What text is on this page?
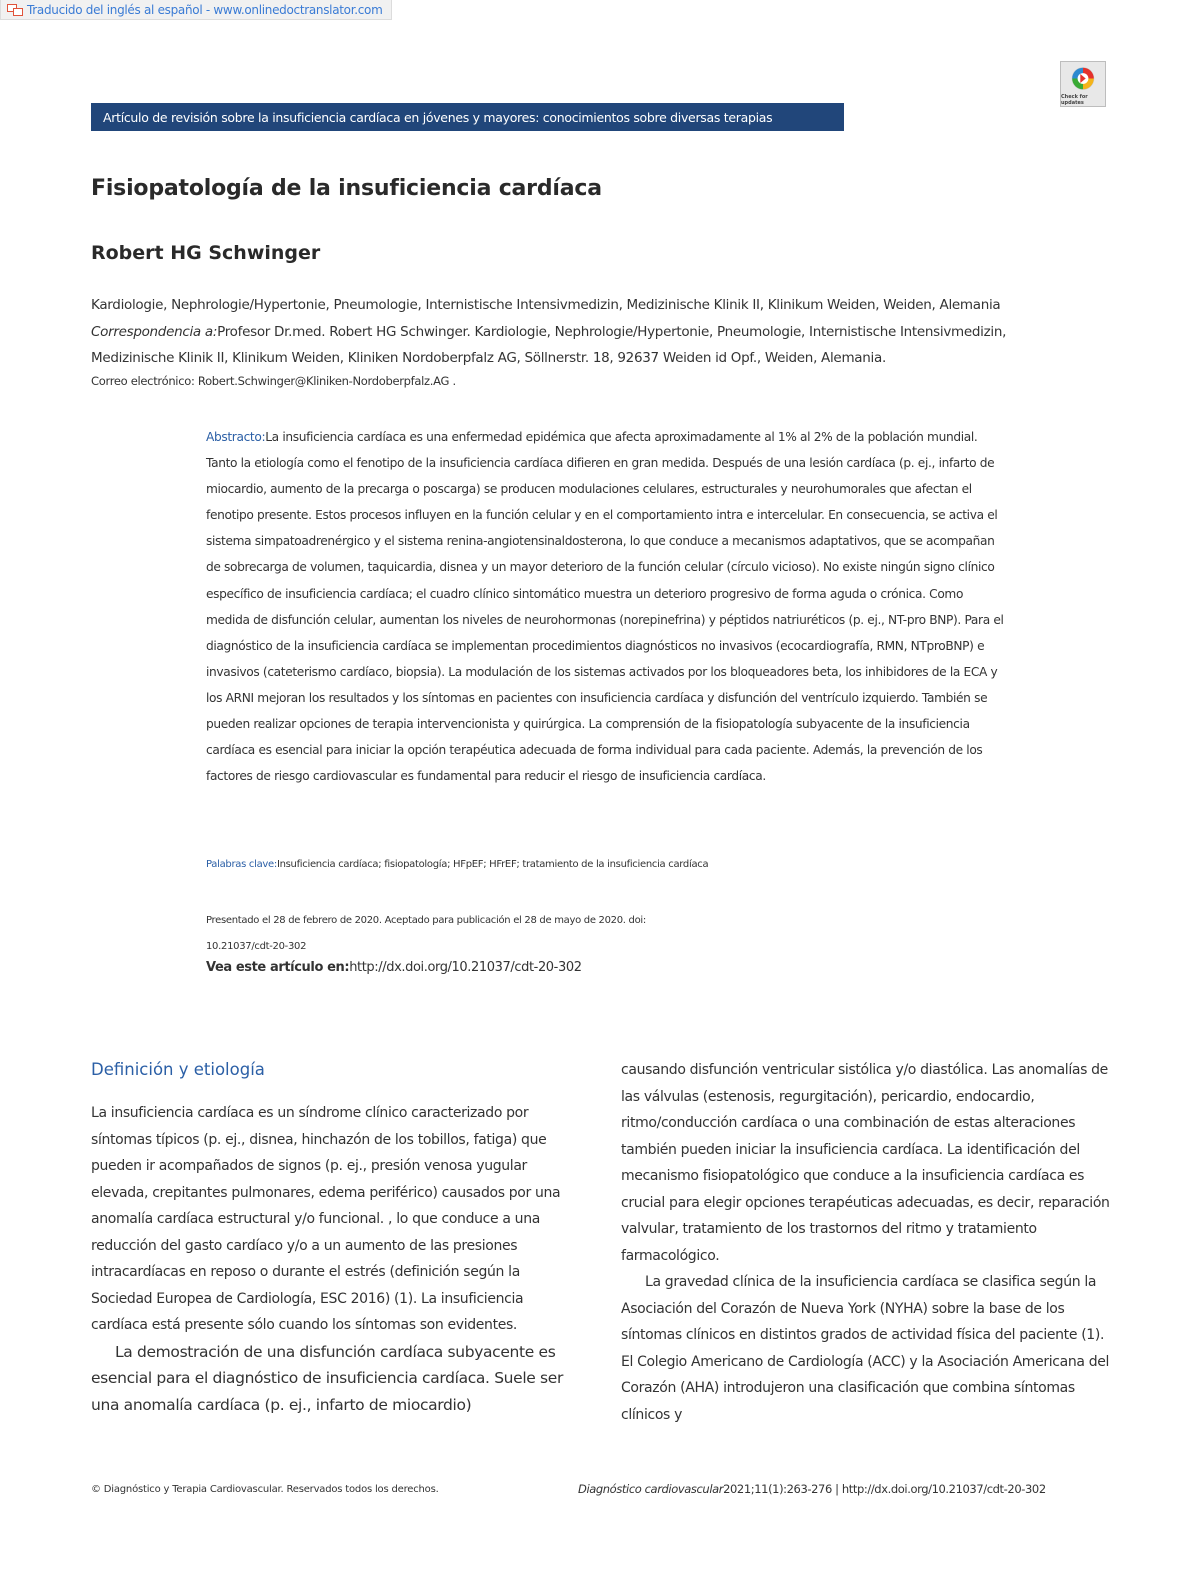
Traducido del inglés al español - www.onlinedoctranslator.com
Check for updates
Artículo de revisión sobre la insuficiencia cardíaca en jóvenes y mayores: conocimientos sobre diversas terapias
Fisiopatología de la insuficiencia cardíaca
Robert HG Schwinger
Kardiologie, Nephrologie/Hypertonie, Pneumologie, Internistische Intensivmedizin, Medizinische Klinik II, Klinikum Weiden, Weiden, Alemania
Correspondencia a:Profesor Dr.med. Robert HG Schwinger. Kardiologie, Nephrologie/Hypertonie, Pneumologie, Internistische Intensivmedizin, Medizinische Klinik II, Klinikum Weiden, Kliniken Nordoberpfalz AG, Söllnerstr. 18, 92637 Weiden id Opf., Weiden, Alemania.
Correo electrónico: Robert.Schwinger@Kliniken-Nordoberpfalz.AG .
Abstracto:La insuficiencia cardíaca es una enfermedad epidémica que afecta aproximadamente al 1% al 2% de la población mundial. Tanto la etiología como el fenotipo de la insuficiencia cardíaca difieren en gran medida. Después de una lesión cardíaca (p. ej., infarto de miocardio, aumento de la precarga o poscarga) se producen modulaciones celulares, estructurales y neurohumorales que afectan el fenotipo presente. Estos procesos influyen en la función celular y en el comportamiento intra e intercelular. En consecuencia, se activa el sistema simpatoadrenérgico y el sistema renina-angiotensinaldosterona, lo que conduce a mecanismos adaptativos, que se acompañan de sobrecarga de volumen, taquicardia, disnea y un mayor deterioro de la función celular (círculo vicioso). No existe ningún signo clínico específico de insuficiencia cardíaca; el cuadro clínico sintomático muestra un deterioro progresivo de forma aguda o crónica. Como medida de disfunción celular, aumentan los niveles de neurohormonas (norepinefrina) y péptidos natriuréticos (p. ej., NT-pro BNP). Para el diagnóstico de la insuficiencia cardíaca se implementan procedimientos diagnósticos no invasivos (ecocardiografía, RMN, NTproBNP) e invasivos (cateterismo cardíaco, biopsia). La modulación de los sistemas activados por los bloqueadores beta, los inhibidores de la ECA y los ARNI mejoran los resultados y los síntomas en pacientes con insuficiencia cardíaca y disfunción del ventrículo izquierdo. También se pueden realizar opciones de terapia intervencionista y quirúrgica. La comprensión de la fisiopatología subyacente de la insuficiencia cardíaca es esencial para iniciar la opción terapéutica adecuada de forma individual para cada paciente. Además, la prevención de los factores de riesgo cardiovascular es fundamental para reducir el riesgo de insuficiencia cardíaca.
Palabras clave:Insuficiencia cardíaca; fisiopatología; HFpEF; HFrEF; tratamiento de la insuficiencia cardíaca
Presentado el 28 de febrero de 2020. Aceptado para publicación el 28 de mayo de 2020. doi: 10.21037/cdt-20-302
Vea este artículo en:http://dx.doi.org/10.21037/cdt-20-302
Definición y etiología

La insuficiencia cardíaca es un síndrome clínico caracterizado por síntomas típicos (p. ej., disnea, hinchazón de los tobillos, fatiga) que pueden ir acompañados de signos (p. ej., presión venosa yugular elevada, crepitantes pulmonares, edema periférico) causados por una anomalía cardíaca estructural y/o funcional. , lo que conduce a una reducción del gasto cardíaco y/o a un aumento de las presiones intracardíacas en reposo o durante el estrés (definición según la Sociedad Europea de Cardiología, ESC 2016) (1). La insuficiencia cardíaca está presente sólo cuando los síntomas son evidentes.

La demostración de una disfunción cardíaca subyacente es esencial para el diagnóstico de insuficiencia cardíaca. Suele ser una anomalía cardíaca (p. ej., infarto de miocardio)

causando disfunción ventricular sistólica y/o diastólica. Las anomalías de las válvulas (estenosis, regurgitación), pericardio, endocardio, ritmo/conducción cardíaca o una combinación de estas alteraciones también pueden iniciar la insuficiencia cardíaca. La identificación del mecanismo fisiopatológico que conduce a la insuficiencia cardíaca es crucial para elegir opciones terapéuticas adecuadas, es decir, reparación valvular, tratamiento de los trastornos del ritmo y tratamiento farmacológico.

La gravedad clínica de la insuficiencia cardíaca se clasifica según la Asociación del Corazón de Nueva York (NYHA) sobre la base de los síntomas clínicos en distintos grados de actividad física del paciente (1). El Colegio Americano de Cardiología (ACC) y la Asociación Americana del Corazón (AHA) introdujeron una clasificación que combina síntomas clínicos y

© Diagnóstico y Terapia Cardiovascular. Reservados todos los derechos.	Diagnóstico cardiovascular2021;11(1):263-276 | http://dx.doi.org/10.21037/cdt-20-302
